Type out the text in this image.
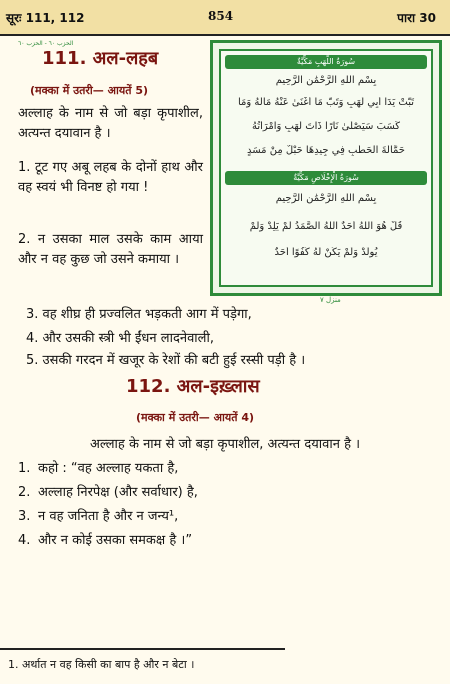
सूरः 111, 112	854	पारा 30
111. अल-लहब
(मक्का में उतरी— आयतें 5)
अल्लाह के नाम से जो बड़ा कृपाशील, अत्यन्त दयावान है ।
1. टूट गए अबू लहब के दोनों हाथ और वह स्वयं भी विनष्ट हो गया !
2. न उसका माल उसके काम आया और न वह कुछ जो उसने कमाया ।
3. वह शीघ्र ही प्रज्वलित भड़कती आग में पड़ेगा,
4. और उसकी स्त्री भी ईंधन लादनेवाली,
5. उसकी गरदन में खजूर के रेशों की बटी हुई रस्सी पड़ी है ।
سُورَةُ اللَّهَبِ مَكِّيَّةٌ
بِسْمِ اللَّهِ الرَّحْمَٰنِ الرَّحِيمِ
تَبَّتْ يَدَا أَبِي لَهَبٍ وَتَبَّ مَا أَغْنَىٰ عَنْهُ مَالُهُ وَمَا
كَسَبَ سَيَصْلَىٰ نَارًا ذَاتَ لَهَبٍ وَامْرَأَتُهُ
حَمَّالَةَ الْحَطَبِ فِي جِيدِهَا حَبْلٌ مِنْ مَسَدٍ
سُورَةُ الْإِخْلَاصِ مَكِّيَّةٌ
بِسْمِ اللَّهِ الرَّحْمَٰنِ الرَّحِيمِ
قُلْ هُوَ اللَّهُ أَحَدٌ اللَّهُ الصَّمَدُ لَمْ يَلِدْ وَلَمْ
يُولَدْ وَلَمْ يَكُنْ لَهُ كُفُوًا أَحَدٌ
الحزب ٦٠ - الحزب ٦٠
منزل ٧
112. अल-इख़्लास
(मक्का में उतरी— आयतें 4)
अल्लाह के नाम से जो बड़ा कृपाशील, अत्यन्त दयावान है ।
1. कहो : “वह अल्लाह यकता है,
2. अल्लाह निरपेक्ष (और सर्वाधार) है,
3. न वह जनिता है और न जन्य¹,
4. और न कोई उसका समकक्ष है ।”
1. अर्थात न वह किसी का बाप है और न बेटा ।
